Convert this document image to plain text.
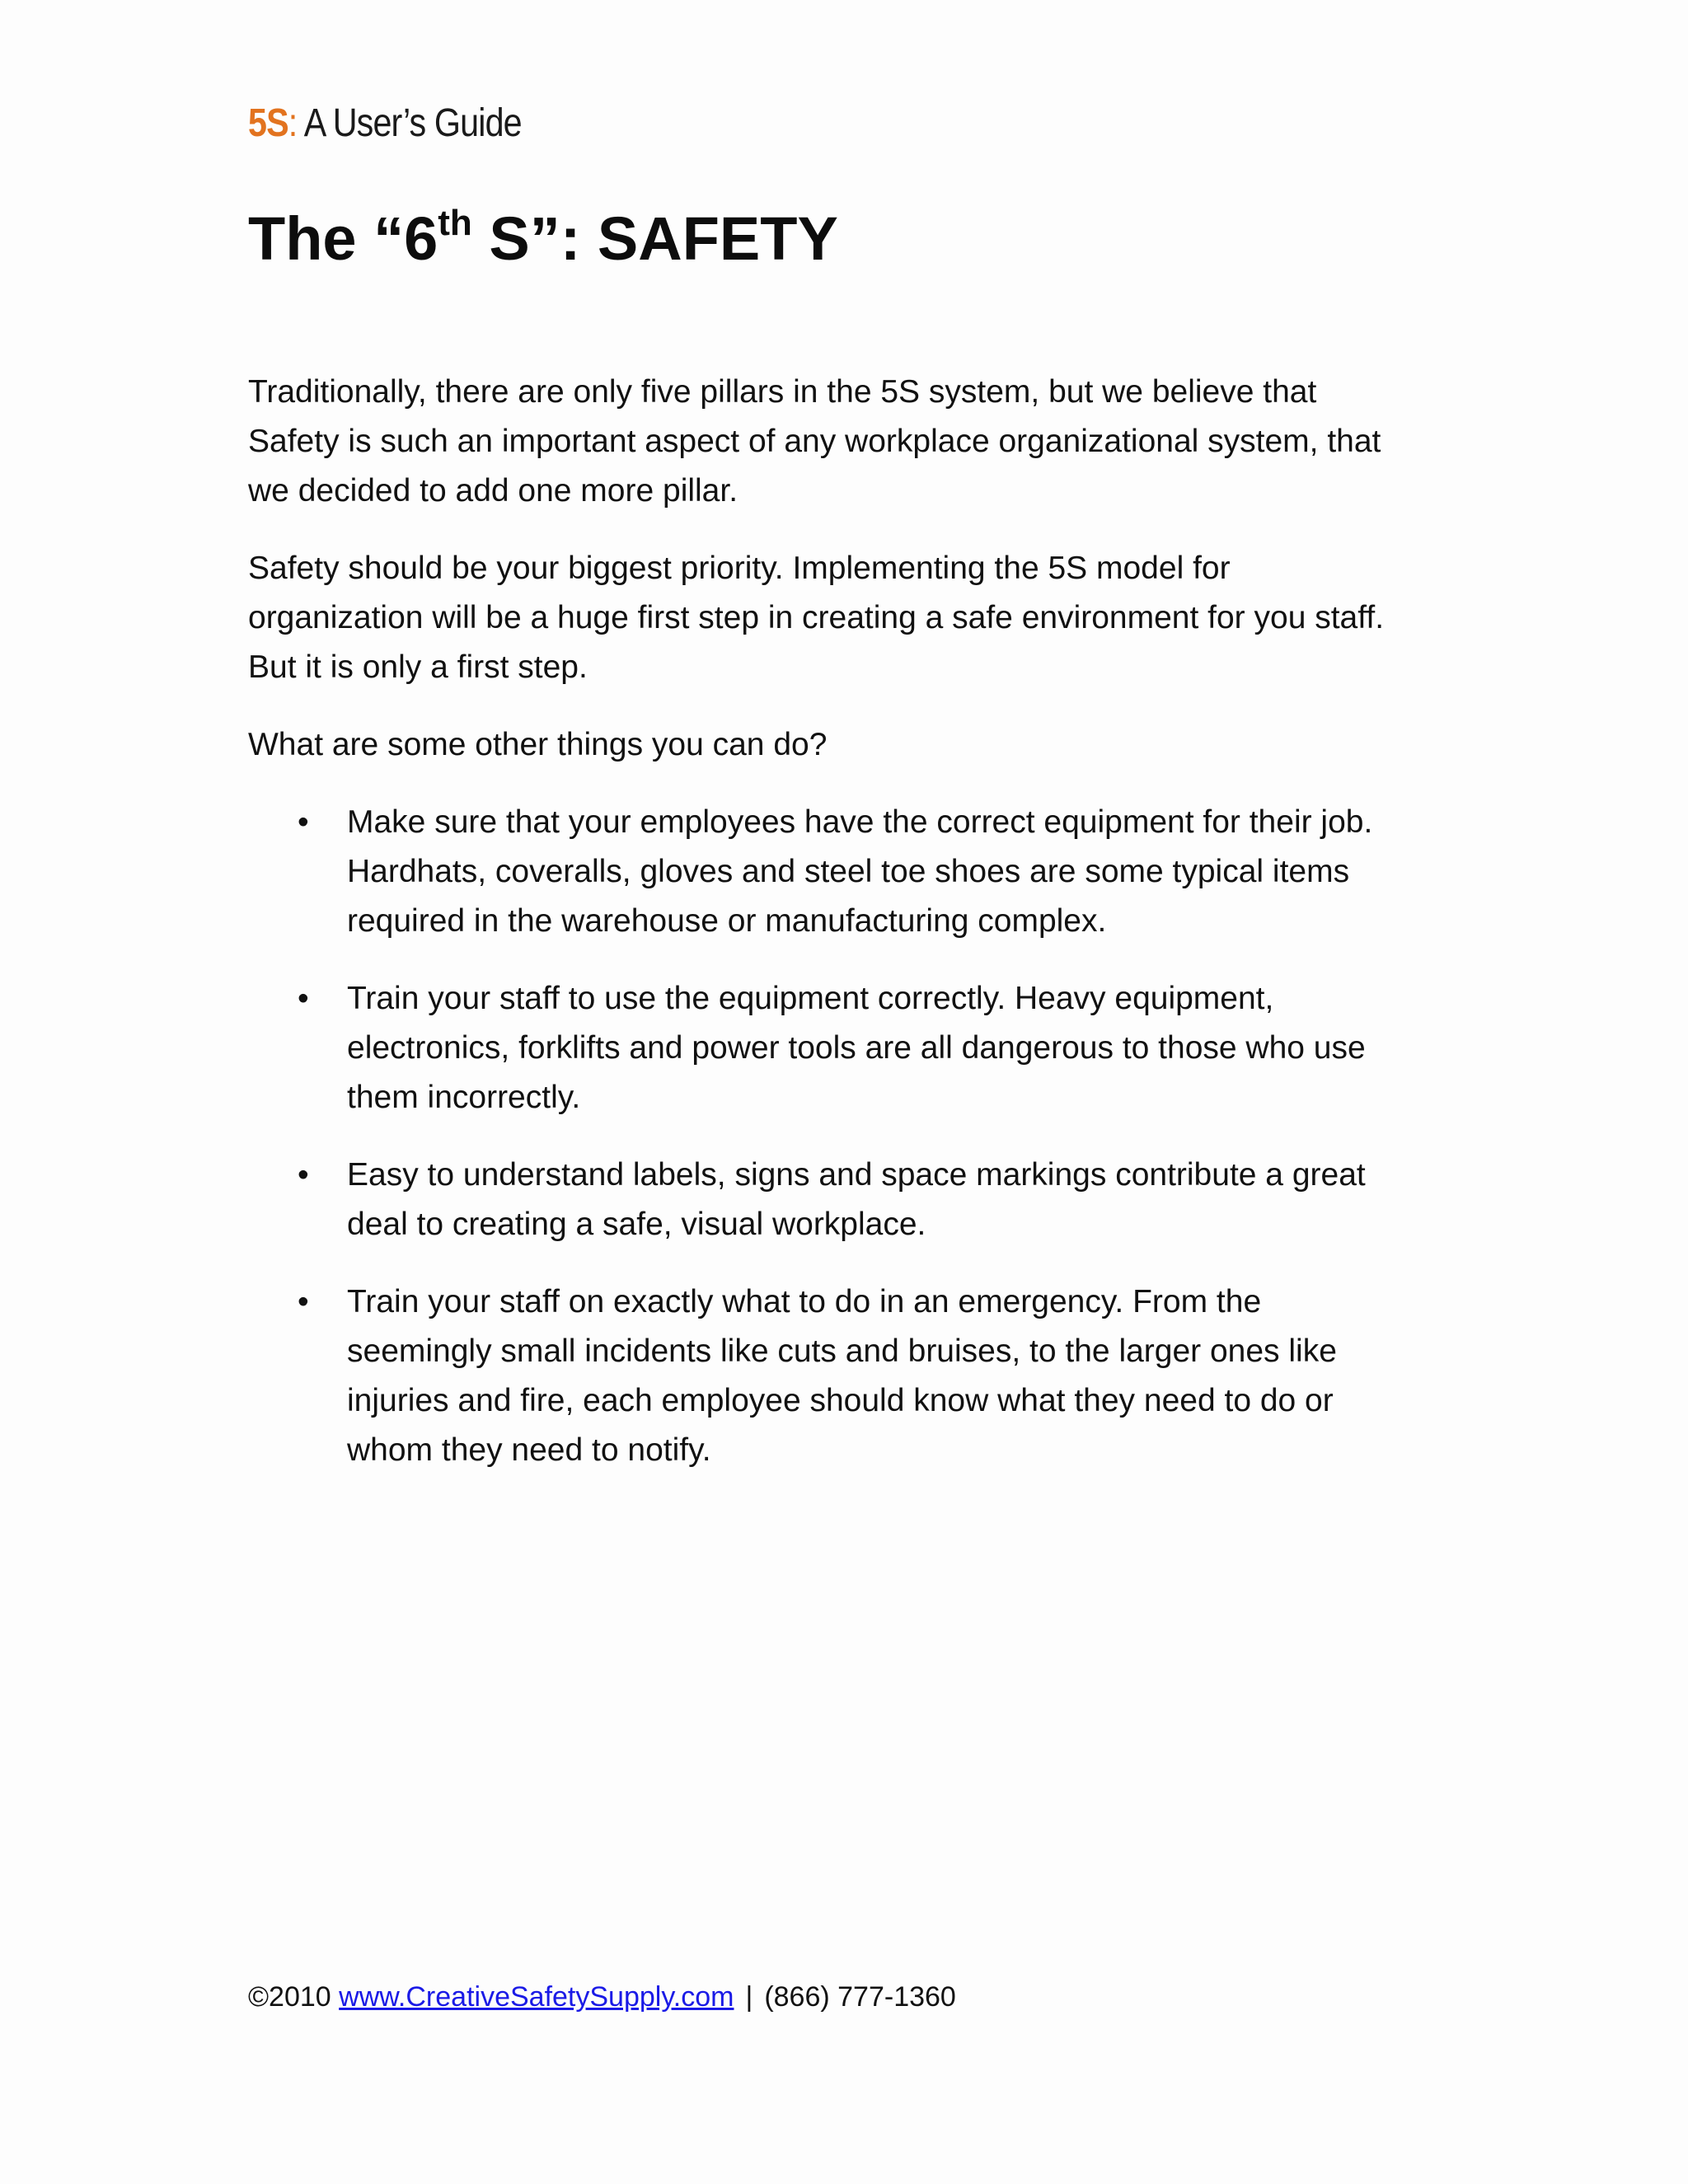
5S: A User’s Guide
The “6th S”: SAFETY

Traditionally, there are only five pillars in the 5S system, but we believe that
Safety is such an important aspect of any workplace organizational system, that
we decided to add one more pillar.

Safety should be your biggest priority. Implementing the 5S model for
organization will be a huge first step in creating a safe environment for you staff.
But it is only a first step.

What are some other things you can do?

• Make sure that your employees have the correct equipment for their job.
Hardhats, coveralls, gloves and steel toe shoes are some typical items
required in the warehouse or manufacturing complex.
• Train your staff to use the equipment correctly. Heavy equipment,
electronics, forklifts and power tools are all dangerous to those who use
them incorrectly.
• Easy to understand labels, signs and space markings contribute a great
deal to creating a safe, visual workplace.
• Train your staff on exactly what to do in an emergency. From the
seemingly small incidents like cuts and bruises, to the larger ones like
injuries and fire, each employee should know what they need to do or
whom they need to notify.
©2010 www.CreativeSafetySupply.com | (866) 777-1360
